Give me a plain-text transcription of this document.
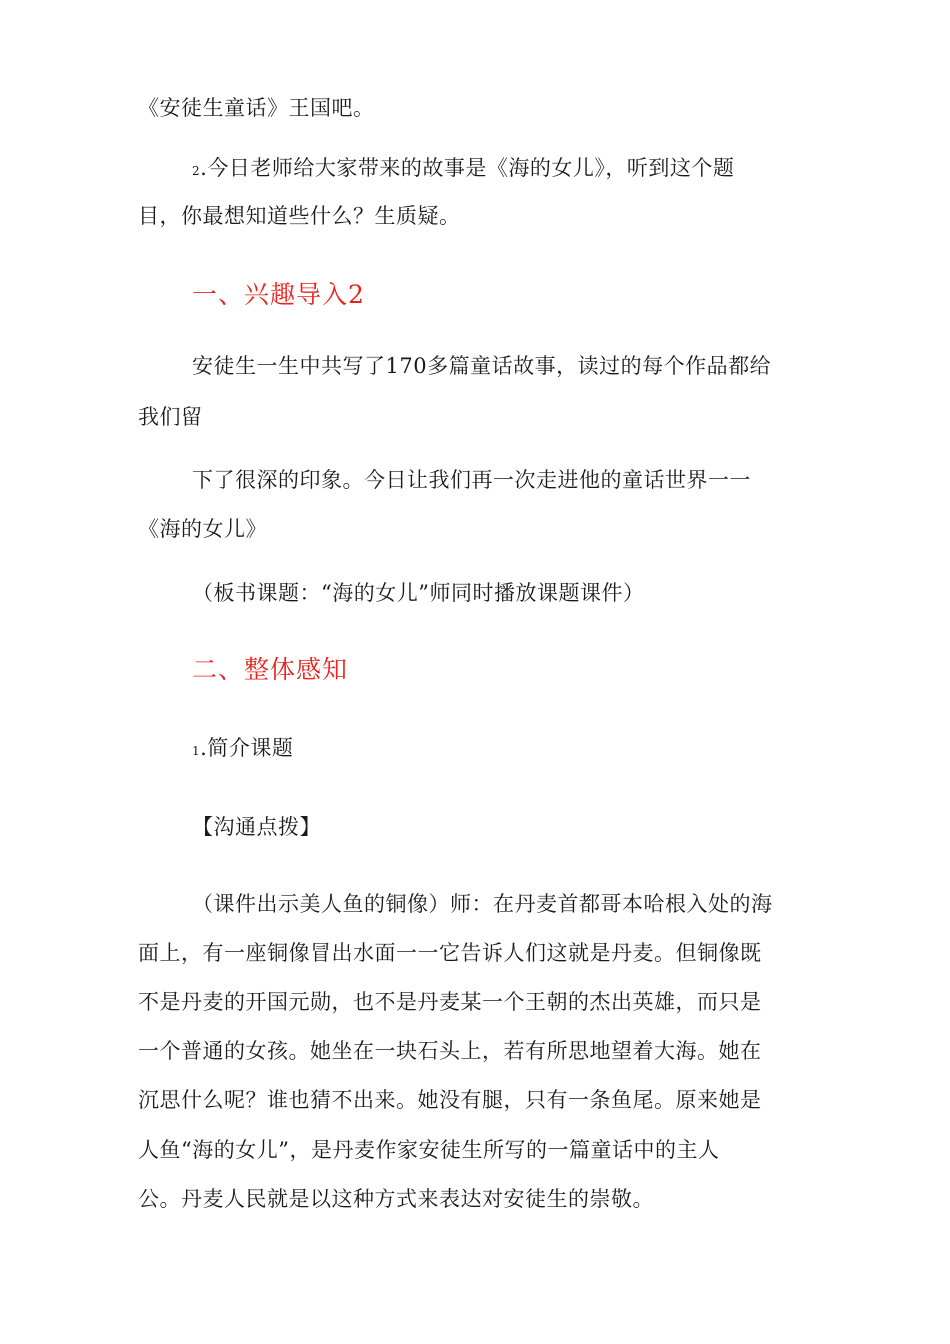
《安徒生童话》王国吧。
2.今日老师给大家带来的故事是《海的女儿》，听到这个题
目，你最想知道些什么？生质疑。
一、兴趣导入2
安徒生一生中共写了170多篇童话故事，读过的每个作品都给
我们留
下了很深的印象。今日让我们再一次走进他的童话世界一一
《海的女儿》
（板书课题：“海的女儿”师同时播放课题课件）
二、整体感知
1.简介课题
【沟通点拨】
（课件出示美人鱼的铜像）师：在丹麦首都哥本哈根入处的海
面上，有一座铜像冒出水面一一它告诉人们这就是丹麦。但铜像既
不是丹麦的开国元勋，也不是丹麦某一个王朝的杰出英雄，而只是
一个普通的女孩。她坐在一块石头上，若有所思地望着大海。她在
沉思什么呢？谁也猜不出来。她没有腿，只有一条鱼尾。原来她是
人鱼“海的女儿”，是丹麦作家安徒生所写的一篇童话中的主人
公。丹麦人民就是以这种方式来表达对安徒生的崇敬。
